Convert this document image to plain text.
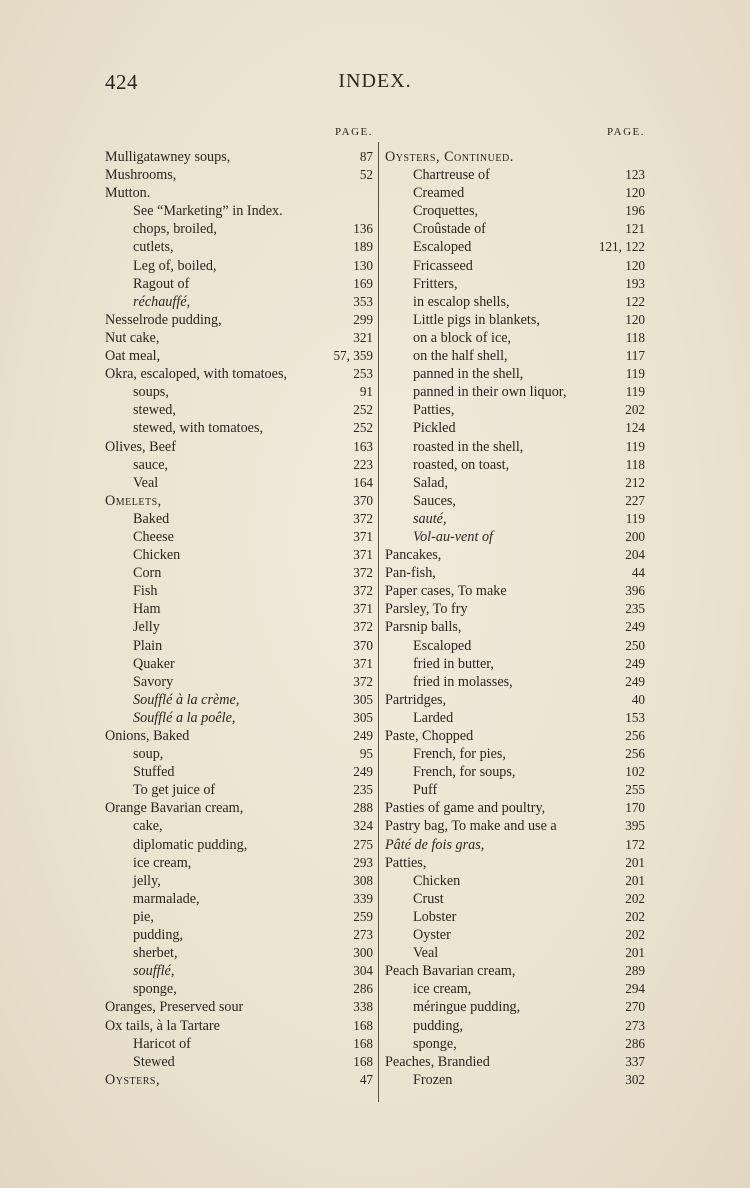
424	INDEX.
PAGE.
Mulligatawney soups,	87
Mushrooms,	52
Mutton.
See “Marketing” in Index.
chops, broiled,	136
cutlets,	189
Leg of, boiled,	130
Ragout of	169
réchauffé,	353
Nesselrode pudding,	299
Nut cake,	321
Oat meal,	57, 359
Okra, escaloped, with tomatoes,	253
soups,	91
stewed,	252
stewed, with tomatoes,	252
Olives, Beef	163
sauce,	223
Veal	164
Omelets,	370
Baked	372
Cheese	371
Chicken	371
Corn	372
Fish	372
Ham	371
Jelly	372
Plain	370
Quaker	371
Savory	372
Soufflé à la crème,	305
Soufflé a la poêle,	305
Onions, Baked	249
soup,	95
Stuffed	249
To get juice of	235
Orange Bavarian cream,	288
cake,	324
diplomatic pudding,	275
ice cream,	293
jelly,	308
marmalade,	339
pie,	259
pudding,	273
sherbet,	300
soufflé,	304
sponge,	286
Oranges, Preserved sour	338
Ox tails, à la Tartare	168
Haricot of	168
Stewed	168
Oysters,	47
PAGE.
Oysters, Continued.
Chartreuse of	123
Creamed	120
Croquettes,	196
Croûstade of	121
Escaloped	121, 122
Fricasseed	120
Fritters,	193
in escalop shells,	122
Little pigs in blankets,	120
on a block of ice,	118
on the half shell,	117
panned in the shell,	119
panned in their own liquor,	119
Patties,	202
Pickled	124
roasted in the shell,	119
roasted, on toast,	118
Salad,	212
Sauces,	227
sauté,	119
Vol-au-vent of	200
Pancakes,	204
Pan-fish,	44
Paper cases, To make	396
Parsley, To fry	235
Parsnip balls,	249
Escaloped	250
fried in butter,	249
fried in molasses,	249
Partridges,	40
Larded	153
Paste, Chopped	256
French, for pies,	256
French, for soups,	102
Puff	255
Pasties of game and poultry,	170
Pastry bag, To make and use a	395
Pâté de fois gras,	172
Patties,	201
Chicken	201
Crust	202
Lobster	202
Oyster	202
Veal	201
Peach Bavarian cream,	289
ice cream,	294
méringue pudding,	270
pudding,	273
sponge,	286
Peaches, Brandied	337
Frozen	302
